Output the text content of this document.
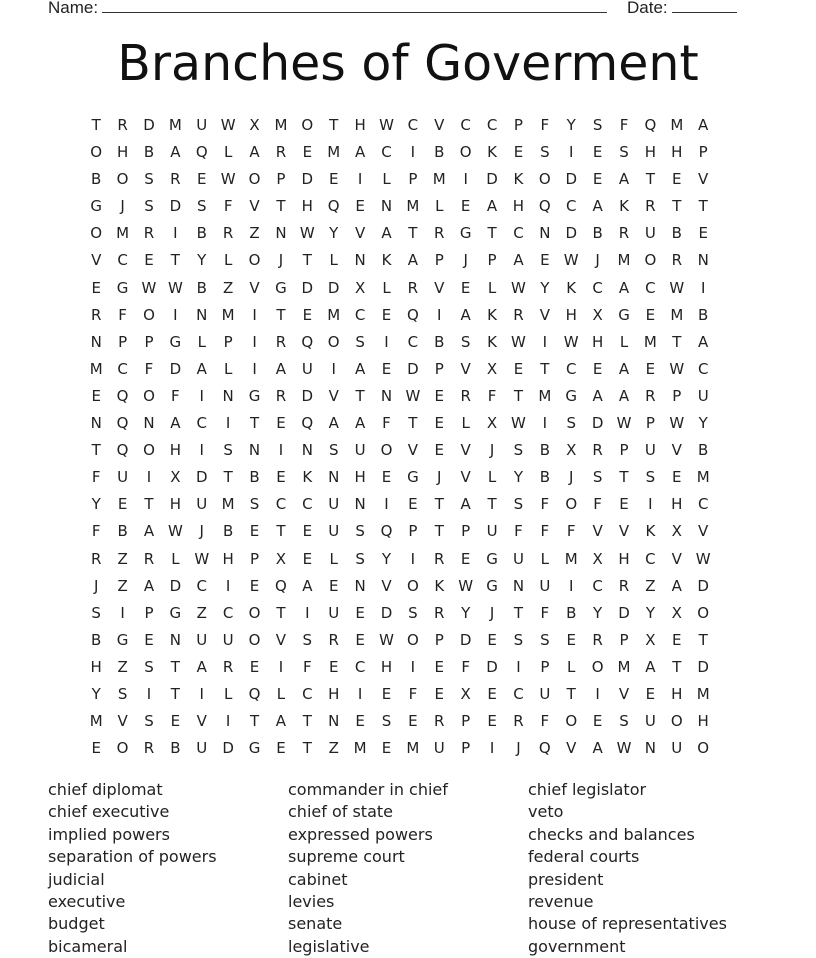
Name:	Date:
Branches of Goverment
T	R	D M U W X M O	T	H W C	V	C	C	P	F	Y	S	F	Q M A
O H	B	A	Q	L	A	R	E	M A	C	I	B	O	K	E	S	I	E	S	H	H	P
B	O	S	R	E W O	P	D	E	I	L	P	M	I	D	K	O D	E	A	T	E	V
G	J	S	D	S	F	V	T	H Q	E	N M	L	E	A	H Q	C	A	K	R	T	T
O M R	I	B	R	Z	N W Y	V	A	T	R	G	T	C	N D	B	R	U	B	E
V	C	E	T	Y	L	O	J	T	L	N	K	A	P	J	P	A	E W	J	M O	R	N
E	G W W B	Z	V	G D D	X	L	R	V	E	L W Y	K	C	A	C W	I
R	F	O	I	N M	I	T	E	M C	E	Q	I	A	K	R	V	H	X	G	E	M B
N	P	P	G	L	P	I	R	Q O	S	I	C	B	S	K W	I	W H	L	M	T	A
M C	F	D	A	L	I	A	U	I	A	E	D	P	V	X	E	T	C	E	A	E W C
E	Q O	F	I	N G	R	D	V	T	N W E	R	F	T	M G	A	A	R	P	U
N Q N	A	C	I	T	E	Q	A	A	F	T	E	L	X W	I	S	D W P W Y
T	Q O H	I	S	N	I	N	S	U O	V	E	V	J	S	B	X	R	P	U	V	B
F	U	I	X	D	T	B	E	K	N	H	E	G	J	V	L	Y	B	J	S	T	S	E	M
Y	E	T	H	U M	S	C	C	U	N	I	E	T	A	T	S	F	O	F	E	I	H	C
F	B	A W	J	B	E	T	E	U	S	Q	P	T	P	U	F	F	F	V	V	K	X	V
R	Z	R	L W H	P	X	E	L	S	Y	I	R	E	G	U	L	M X	H	C	V W
J	Z	A	D	C	I	E	Q	A	E	N	V	O	K W G N	U	I	C	R	Z	A	D
S	I	P	G	Z	C	O	T	I	U	E	D	S	R	Y	J	T	F	B	Y	D	Y	X	O
B	G	E	N	U	U O	V	S	R	E W O	P	D	E	S	S	E	R	P	X	E	T
H	Z	S	T	A	R	E	I	F	E	C	H	I	E	F	D	I	P	L	O M A	T	D
Y	S	I	T	I	L	Q	L	C	H	I	E	F	E	X	E	C	U	T	I	V	E	H M
M V	S	E	V	I	T	A	T	N	E	S	E	R	P	E	R	F	O	E	S	U O H
E	O	R	B	U	D G	E	T	Z M	E	M U	P	I	J	Q	V	A W N	U O
chief diplomat
chief executive
implied powers
separation of powers
judicial
executive
budget
bicameral
commander in chief
chief of state
expressed powers
supreme court
cabinet
levies
senate
legislative
chief legislator
veto
checks and balances
federal courts
president
revenue
house of representatives
government
